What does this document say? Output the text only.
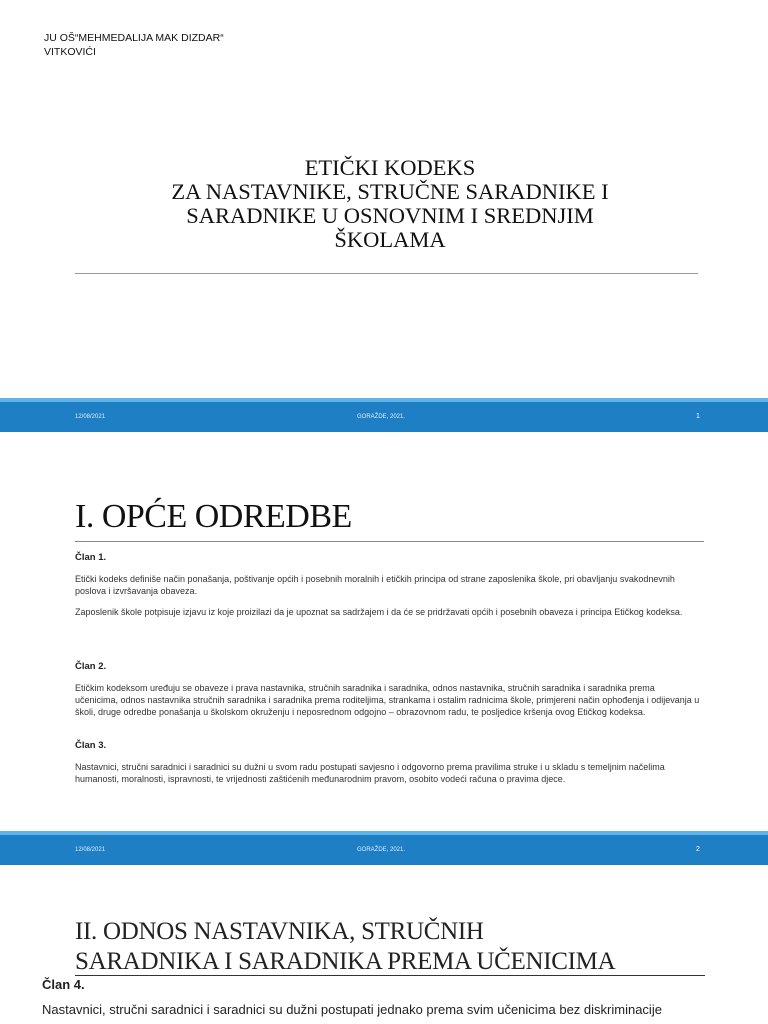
JU OŠ“MEHMEDALIJA MAK DIZDAR“
VITKOVIĆI
ETIČKI KODEKS
ZA NASTAVNIKE, STRUČNE SARADNIKE I
SARADNIKE U OSNOVNIM I SREDNJIM
ŠKOLAMA
12/08/2021	GORAŽDE, 2021.	1
I. OPĆE ODREDBE
Član 1.
Etički kodeks definiše način ponašanja, poštivanje općih i posebnih moralnih i etičkih principa od strane zaposlenika škole, pri obavljanju svakodnevnih poslova i izvršavanja obaveza.
Zaposlenik škole potpisuje izjavu iz koje proizilazi da je upoznat sa sadržajem i da će se pridržavati općih i posebnih obaveza i principa Etičkog kodeksa.
Član 2.
Etičkim kodeksom uređuju se obaveze i prava nastavnika, stručnih saradnika i saradnika, odnos nastavnika, stručnih saradnika i saradnika prema učenicima, odnos nastavnika stručnih saradnika i saradnika prema roditeljima, strankama i ostalim radnicima škole, primjereni način ophođenja i odijevanja u školi, druge odredbe ponašanja u školskom okruženju i neposrednom odgojno – obrazovnom radu, te posljedice kršenja ovog Etičkog kodeksa.
Član 3.
Nastavnici, stručni saradnici i saradnici su dužni u svom radu postupati savjesno i odgovorno prema pravilima struke i u skladu s temeljnim načelima humanosti, moralnosti, ispravnosti, te vrijednosti zaštićenih međunarodnim pravom, osobito vodeći računa o pravima djece.
12/08/2021	GORAŽDE, 2021.	2
II. ODNOS NASTAVNIKA, STRUČNIH
SARADNIKA I SARADNIKA PREMA UČENICIMA
Član 4.
Nastavnici, stručni saradnici i saradnici su dužni postupati jednako prema svim učenicima bez diskriminacije
